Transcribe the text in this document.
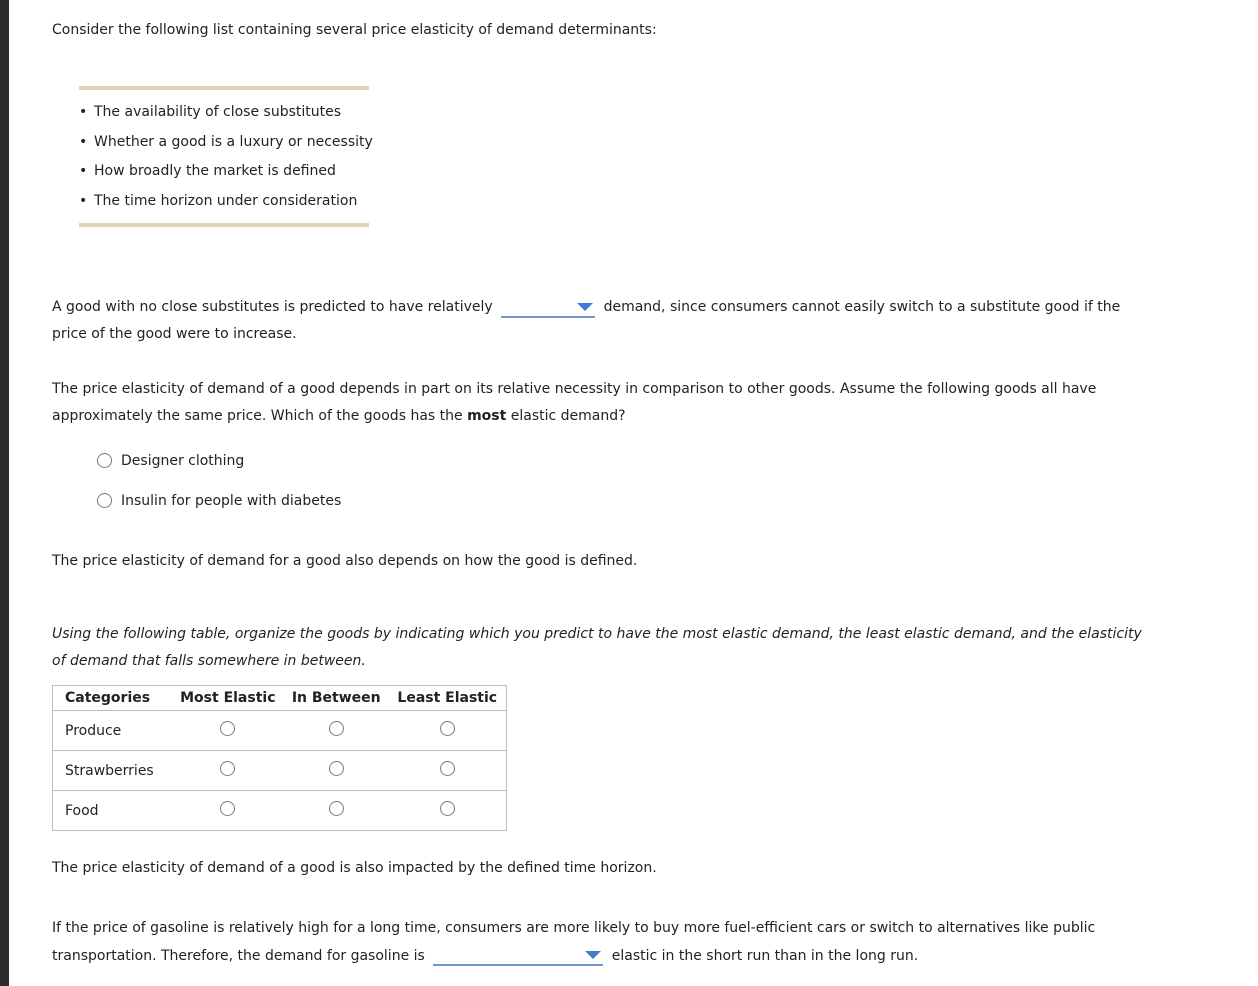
Consider the following list containing several price elasticity of demand determinants:

• The availability of close substitutes
• Whether a good is a luxury or necessity
• How broadly the market is defined
• The time horizon under consideration

A good with no close substitutes is predicted to have relatively	demand, since consumers cannot easily switch to a substitute good if the price of the good were to increase.

The price elasticity of demand of a good depends in part on its relative necessity in comparison to other goods. Assume the following goods all have approximately the same price. Which of the goods has the most elastic demand?

Designer clothing
Insulin for people with diabetes

The price elasticity of demand for a good also depends on how the good is defined.

Using the following table, organize the goods by indicating which you predict to have the most elastic demand, the least elastic demand, and the elasticity of demand that falls somewhere in between.

Categories	Most Elastic	In Between	Least Elastic
Produce			
Strawberries			
Food			

The price elasticity of demand of a good is also impacted by the defined time horizon.

If the price of gasoline is relatively high for a long time, consumers are more likely to buy more fuel-efficient cars or switch to alternatives like public transportation. Therefore, the demand for gasoline is	elastic in the short run than in the long run.
